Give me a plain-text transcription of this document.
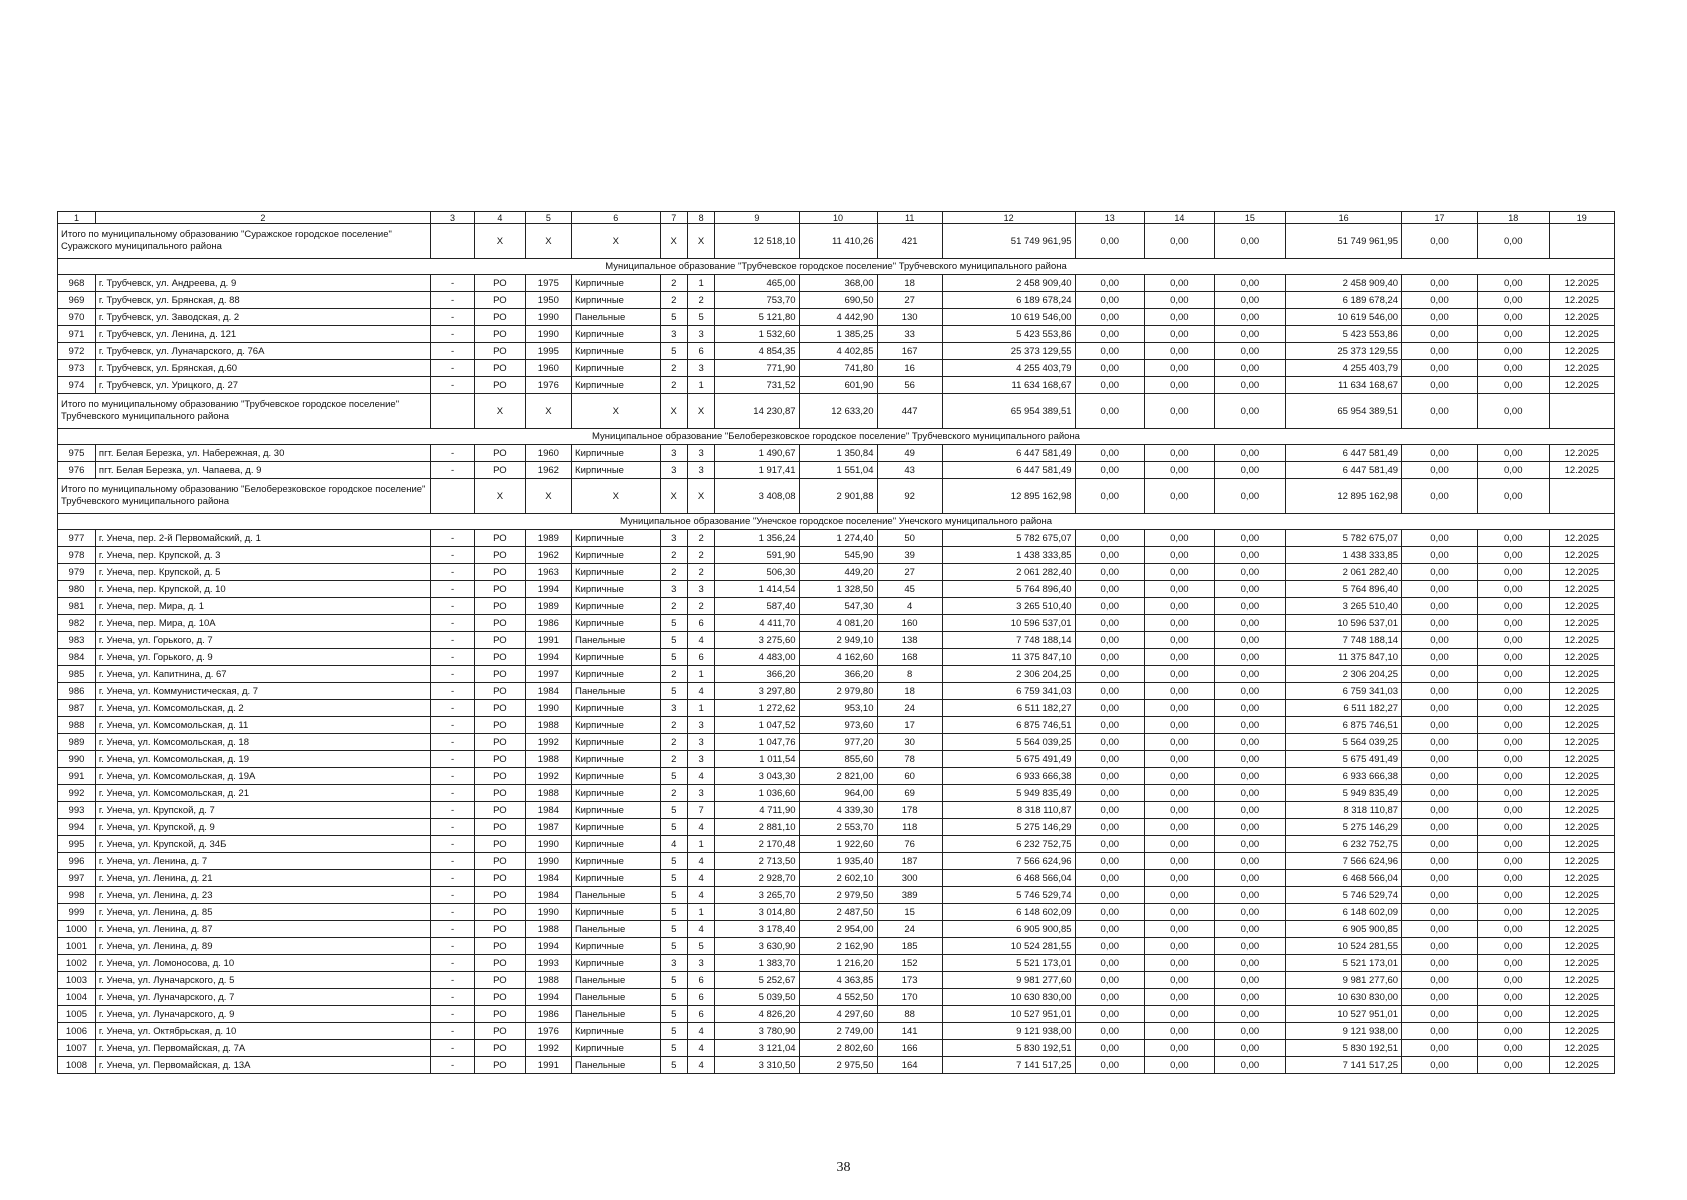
1	2	3	4	5	6	7	8	9	10	11	12	13	14	15	16	17	18	19
Итого по муниципальному образованию "Суражское городское поселение" Суражского муниципального района			X	X	X	X	X	12 518,10	11 410,26	421	51 749 961,95	0,00	0,00	0,00	51 749 961,95	0,00	0,00	
Муниципальное образование "Трубчевское городское поселение" Трубчевского муниципального района																		
968	г. Трубчевск, ул. Андреева, д. 9	-	РО	1975	Кирпичные	2	1	465,00	368,00	18	2 458 909,40	0,00	0,00	0,00	2 458 909,40	0,00	0,00	12.2025
969	г. Трубчевск, ул. Брянская, д. 88	-	РО	1950	Кирпичные	2	2	753,70	690,50	27	6 189 678,24	0,00	0,00	0,00	6 189 678,24	0,00	0,00	12.2025
970	г. Трубчевск, ул. Заводская, д. 2	-	РО	1990	Панельные	5	5	5 121,80	4 442,90	130	10 619 546,00	0,00	0,00	0,00	10 619 546,00	0,00	0,00	12.2025
971	г. Трубчевск, ул. Ленина, д. 121	-	РО	1990	Кирпичные	3	3	1 532,60	1 385,25	33	5 423 553,86	0,00	0,00	0,00	5 423 553,86	0,00	0,00	12.2025
972	г. Трубчевск, ул. Луначарского, д. 76А	-	РО	1995	Кирпичные	5	6	4 854,35	4 402,85	167	25 373 129,55	0,00	0,00	0,00	25 373 129,55	0,00	0,00	12.2025
973	г. Трубчевск, ул. Брянская, д.60	-	РО	1960	Кирпичные	2	3	771,90	741,80	16	4 255 403,79	0,00	0,00	0,00	4 255 403,79	0,00	0,00	12.2025
974	г. Трубчевск, ул. Урицкого, д. 27	-	РО	1976	Кирпичные	2	1	731,52	601,90	56	11 634 168,67	0,00	0,00	0,00	11 634 168,67	0,00	0,00	12.2025
Итого по муниципальному образованию "Трубчевское городское поселение" Трубчевского муниципального района			X	X	X	X	X	14 230,87	12 633,20	447	65 954 389,51	0,00	0,00	0,00	65 954 389,51	0,00	0,00	
Муниципальное образование "Белоберезковское городское поселение" Трубчевского муниципального района																		
975	пгт. Белая Березка, ул. Набережная, д. 30	-	РО	1960	Кирпичные	3	3	1 490,67	1 350,84	49	6 447 581,49	0,00	0,00	0,00	6 447 581,49	0,00	0,00	12.2025
976	пгт. Белая Березка, ул. Чапаева, д. 9	-	РО	1962	Кирпичные	3	3	1 917,41	1 551,04	43	6 447 581,49	0,00	0,00	0,00	6 447 581,49	0,00	0,00	12.2025
Итого по муниципальному образованию "Белоберезковское городское поселение" Трубчевского муниципального района			X	X	X	X	X	3 408,08	2 901,88	92	12 895 162,98	0,00	0,00	0,00	12 895 162,98	0,00	0,00	
Муниципальное образование "Унечское городское поселение" Унечского муниципального района																		
977	г. Унеча, пер. 2-й Первомайский, д. 1	-	РО	1989	Кирпичные	3	2	1 356,24	1 274,40	50	5 782 675,07	0,00	0,00	0,00	5 782 675,07	0,00	0,00	12.2025
978	г. Унеча, пер. Крупской, д. 3	-	РО	1962	Кирпичные	2	2	591,90	545,90	39	1 438 333,85	0,00	0,00	0,00	1 438 333,85	0,00	0,00	12.2025
979	г. Унеча, пер. Крупской, д. 5	-	РО	1963	Кирпичные	2	2	506,30	449,20	27	2 061 282,40	0,00	0,00	0,00	2 061 282,40	0,00	0,00	12.2025
980	г. Унеча, пер. Крупской, д. 10	-	РО	1994	Кирпичные	3	3	1 414,54	1 328,50	45	5 764 896,40	0,00	0,00	0,00	5 764 896,40	0,00	0,00	12.2025
981	г. Унеча, пер. Мира, д. 1	-	РО	1989	Кирпичные	2	2	587,40	547,30	4	3 265 510,40	0,00	0,00	0,00	3 265 510,40	0,00	0,00	12.2025
982	г. Унеча, пер. Мира, д. 10А	-	РО	1986	Кирпичные	5	6	4 411,70	4 081,20	160	10 596 537,01	0,00	0,00	0,00	10 596 537,01	0,00	0,00	12.2025
983	г. Унеча, ул. Горького, д. 7	-	РО	1991	Панельные	5	4	3 275,60	2 949,10	138	7 748 188,14	0,00	0,00	0,00	7 748 188,14	0,00	0,00	12.2025
984	г. Унеча, ул. Горького, д. 9	-	РО	1994	Кирпичные	5	6	4 483,00	4 162,60	168	11 375 847,10	0,00	0,00	0,00	11 375 847,10	0,00	0,00	12.2025
985	г. Унеча, ул. Капитнина, д. 67	-	РО	1997	Кирпичные	2	1	366,20	366,20	8	2 306 204,25	0,00	0,00	0,00	2 306 204,25	0,00	0,00	12.2025
986	г. Унеча, ул. Коммунистическая, д. 7	-	РО	1984	Панельные	5	4	3 297,80	2 979,80	18	6 759 341,03	0,00	0,00	0,00	6 759 341,03	0,00	0,00	12.2025
987	г. Унеча, ул. Комсомольская, д. 2	-	РО	1990	Кирпичные	3	1	1 272,62	953,10	24	6 511 182,27	0,00	0,00	0,00	6 511 182,27	0,00	0,00	12.2025
988	г. Унеча, ул. Комсомольская, д. 11	-	РО	1988	Кирпичные	2	3	1 047,52	973,60	17	6 875 746,51	0,00	0,00	0,00	6 875 746,51	0,00	0,00	12.2025
989	г. Унеча, ул. Комсомольская, д. 18	-	РО	1992	Кирпичные	2	3	1 047,76	977,20	30	5 564 039,25	0,00	0,00	0,00	5 564 039,25	0,00	0,00	12.2025
990	г. Унеча, ул. Комсомольская, д. 19	-	РО	1988	Кирпичные	2	3	1 011,54	855,60	78	5 675 491,49	0,00	0,00	0,00	5 675 491,49	0,00	0,00	12.2025
991	г. Унеча, ул. Комсомольская, д. 19А	-	РО	1992	Кирпичные	5	4	3 043,30	2 821,00	60	6 933 666,38	0,00	0,00	0,00	6 933 666,38	0,00	0,00	12.2025
992	г. Унеча, ул. Комсомольская, д. 21	-	РО	1988	Кирпичные	2	3	1 036,60	964,00	69	5 949 835,49	0,00	0,00	0,00	5 949 835,49	0,00	0,00	12.2025
993	г. Унеча, ул. Крупской, д. 7	-	РО	1984	Кирпичные	5	7	4 711,90	4 339,30	178	8 318 110,87	0,00	0,00	0,00	8 318 110,87	0,00	0,00	12.2025
994	г. Унеча, ул. Крупской, д. 9	-	РО	1987	Кирпичные	5	4	2 881,10	2 553,70	118	5 275 146,29	0,00	0,00	0,00	5 275 146,29	0,00	0,00	12.2025
995	г. Унеча, ул. Крупской, д. 34Б	-	РО	1990	Кирпичные	4	1	2 170,48	1 922,60	76	6 232 752,75	0,00	0,00	0,00	6 232 752,75	0,00	0,00	12.2025
996	г. Унеча, ул. Ленина, д. 7	-	РО	1990	Кирпичные	5	4	2 713,50	1 935,40	187	7 566 624,96	0,00	0,00	0,00	7 566 624,96	0,00	0,00	12.2025
997	г. Унеча, ул. Ленина, д. 21	-	РО	1984	Кирпичные	5	4	2 928,70	2 602,10	300	6 468 566,04	0,00	0,00	0,00	6 468 566,04	0,00	0,00	12.2025
998	г. Унеча, ул. Ленина, д. 23	-	РО	1984	Панельные	5	4	3 265,70	2 979,50	389	5 746 529,74	0,00	0,00	0,00	5 746 529,74	0,00	0,00	12.2025
999	г. Унеча, ул. Ленина, д. 85	-	РО	1990	Кирпичные	5	1	3 014,80	2 487,50	15	6 148 602,09	0,00	0,00	0,00	6 148 602,09	0,00	0,00	12.2025
1000	г. Унеча, ул. Ленина, д. 87	-	РО	1988	Панельные	5	4	3 178,40	2 954,00	24	6 905 900,85	0,00	0,00	0,00	6 905 900,85	0,00	0,00	12.2025
1001	г. Унеча, ул. Ленина, д. 89	-	РО	1994	Кирпичные	5	5	3 630,90	2 162,90	185	10 524 281,55	0,00	0,00	0,00	10 524 281,55	0,00	0,00	12.2025
1002	г. Унеча, ул. Ломоносова, д. 10	-	РО	1993	Кирпичные	3	3	1 383,70	1 216,20	152	5 521 173,01	0,00	0,00	0,00	5 521 173,01	0,00	0,00	12.2025
1003	г. Унеча, ул. Луначарского, д. 5	-	РО	1988	Панельные	5	6	5 252,67	4 363,85	173	9 981 277,60	0,00	0,00	0,00	9 981 277,60	0,00	0,00	12.2025
1004	г. Унеча, ул. Луначарского, д. 7	-	РО	1994	Панельные	5	6	5 039,50	4 552,50	170	10 630 830,00	0,00	0,00	0,00	10 630 830,00	0,00	0,00	12.2025
1005	г. Унеча, ул. Луначарского, д. 9	-	РО	1986	Панельные	5	6	4 826,20	4 297,60	88	10 527 951,01	0,00	0,00	0,00	10 527 951,01	0,00	0,00	12.2025
1006	г. Унеча, ул. Октябрьская, д. 10	-	РО	1976	Кирпичные	5	4	3 780,90	2 749,00	141	9 121 938,00	0,00	0,00	0,00	9 121 938,00	0,00	0,00	12.2025
1007	г. Унеча, ул. Первомайская, д. 7А	-	РО	1992	Кирпичные	5	4	3 121,04	2 802,60	166	5 830 192,51	0,00	0,00	0,00	5 830 192,51	0,00	0,00	12.2025
1008	г. Унеча, ул. Первомайская, д. 13А	-	РО	1991	Панельные	5	4	3 310,50	2 975,50	164	7 141 517,25	0,00	0,00	0,00	7 141 517,25	0,00	0,00	12.2025
38
